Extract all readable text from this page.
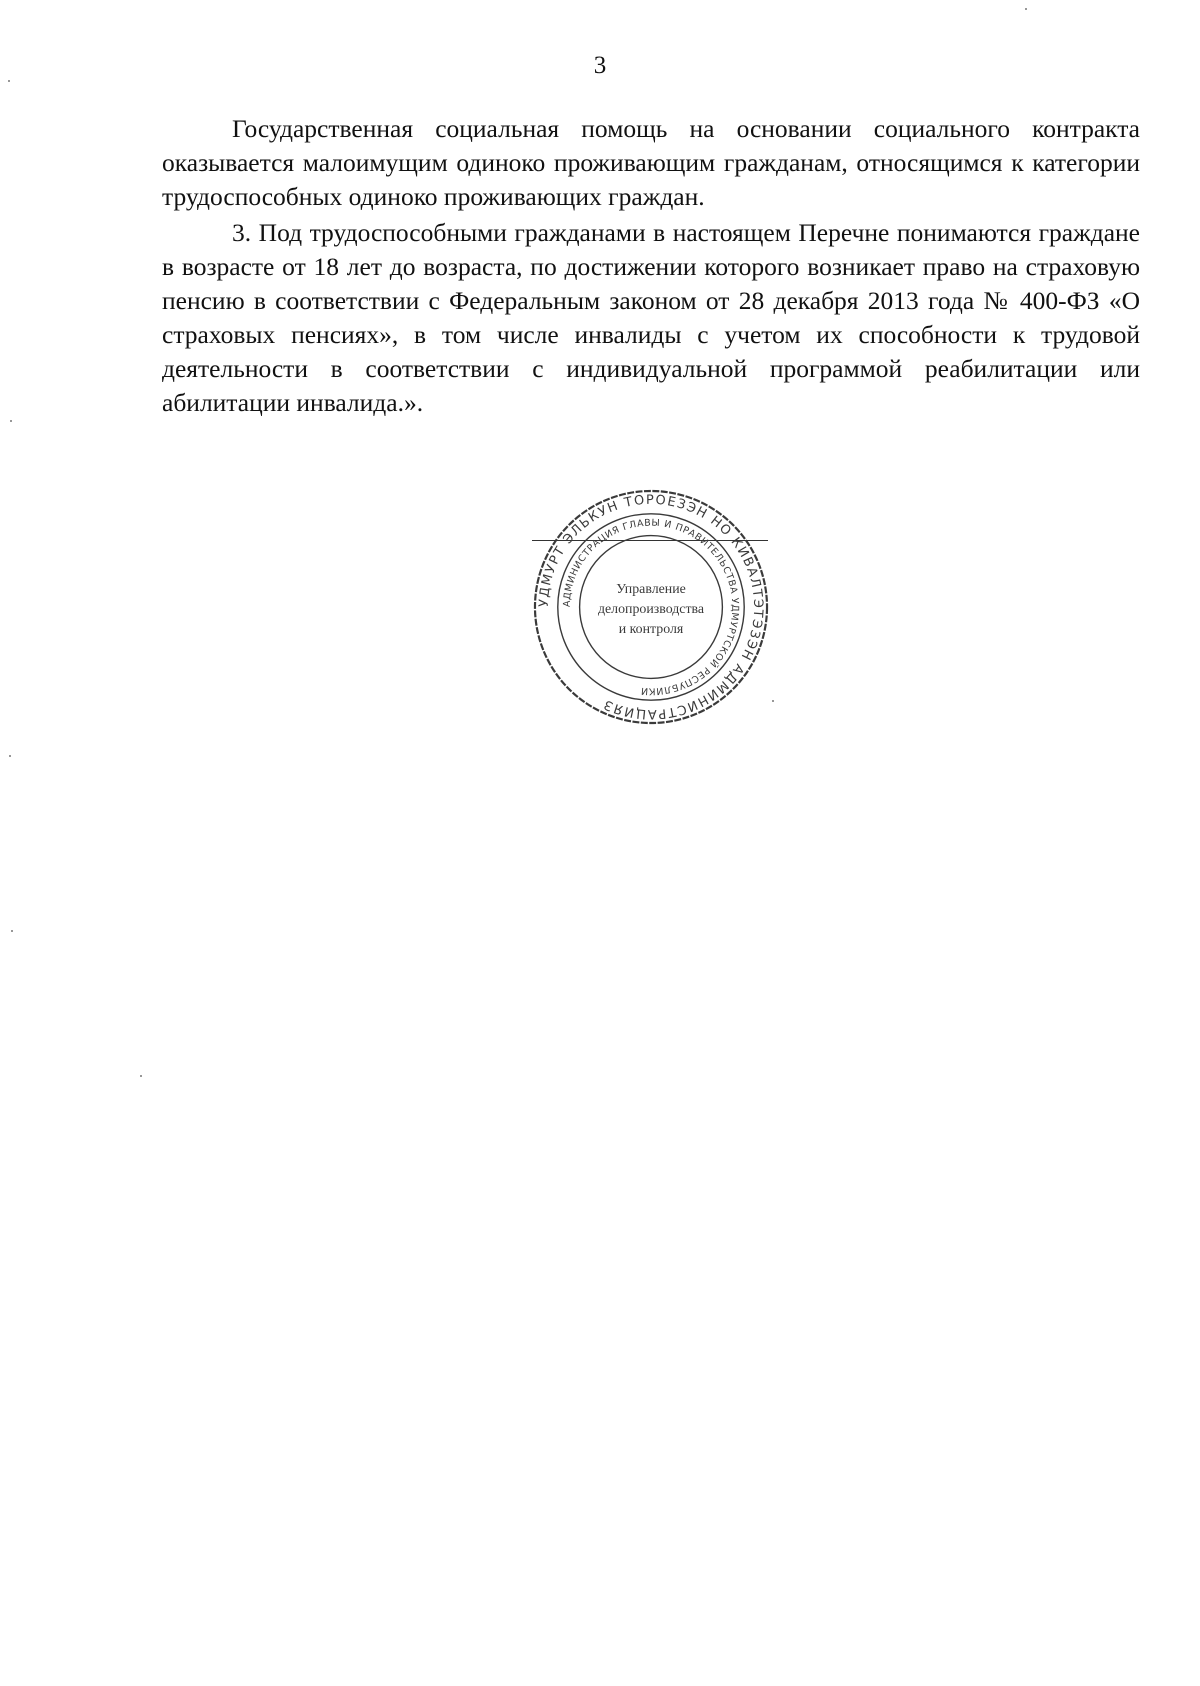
3

Государственная социальная помощь на основании социального контракта оказывается малоимущим одиноко проживающим гражданам, относящимся к категории трудоспособных одиноко проживающих граждан.

3. Под трудоспособными гражданами в настоящем Перечне понимаются граждане в возрасте от 18 лет до возраста, по достижении которого возникает право на страховую пенсию в соответствии с Федеральным законом от 28 декабря 2013 года № 400-ФЗ «О страховых пенсиях», в том числе инвалиды с учетом их способности к трудовой деятельности в соответствии с индивидуальной программой реабилитации или абилитации инвалида.».

УДМУРТ ЭЛЬКУН ТОРОЕЗЭН НО КИВАЛТЭТЭЗЭН АДМИНИСТРАЦИЯЗ
АДМИНИСТРАЦИЯ ГЛАВЫ И ПРАВИТЕЛЬСТВА УДМУРТСКОЙ РЕСПУБЛИКИ
Управление
делопроизводства
и контроля
